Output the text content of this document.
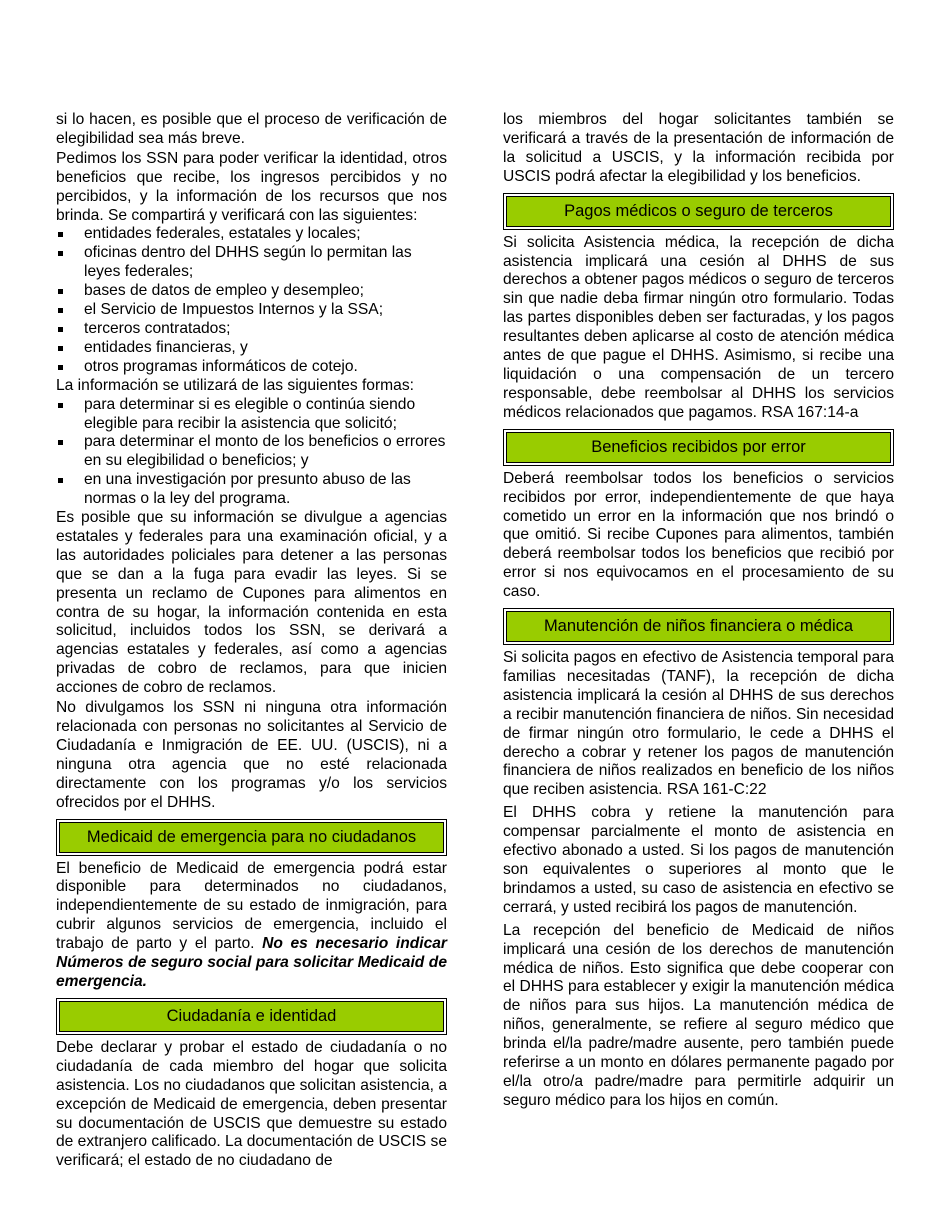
si lo hacen, es posible que el proceso de verificación de elegibilidad sea más breve.

Pedimos los SSN para poder verificar la identidad, otros beneficios que recibe, los ingresos percibidos y no percibidos, y la información de los recursos que nos brinda. Se compartirá y verificará con las siguientes:

entidades federales, estatales y locales;
oficinas dentro del DHHS según lo permitan las leyes federales;
bases de datos de empleo y desempleo;
el Servicio de Impuestos Internos y la SSA;
terceros contratados;
entidades financieras, y
otros programas informáticos de cotejo.

La información se utilizará de las siguientes formas:

para determinar si es elegible o continúa siendo elegible para recibir la asistencia que solicitó;
para determinar el monto de los beneficios o errores en su elegibilidad o beneficios; y
en una investigación por presunto abuso de las normas o la ley del programa.

Es posible que su información se divulgue a agencias estatales y federales para una examinación oficial, y a las autoridades policiales para detener a las personas que se dan a la fuga para evadir las leyes. Si se presenta un reclamo de Cupones para alimentos en contra de su hogar, la información contenida en esta solicitud, incluidos todos los SSN, se derivará a agencias estatales y federales, así como a agencias privadas de cobro de reclamos, para que inicien acciones de cobro de reclamos.

No divulgamos los SSN ni ninguna otra información relacionada con personas no solicitantes al Servicio de Ciudadanía e Inmigración de EE. UU. (USCIS), ni a ninguna otra agencia que no esté relacionada directamente con los programas y/o los servicios ofrecidos por el DHHS.

Medicaid de emergencia para no ciudadanos

El beneficio de Medicaid de emergencia podrá estar disponible para determinados no ciudadanos, independientemente de su estado de inmigración, para cubrir algunos servicios de emergencia, incluido el trabajo de parto y el parto. No es necesario indicar Números de seguro social para solicitar Medicaid de emergencia.

Ciudadanía e identidad

Debe declarar y probar el estado de ciudadanía o no ciudadanía de cada miembro del hogar que solicita asistencia. Los no ciudadanos que solicitan asistencia, a excepción de Medicaid de emergencia, deben presentar su documentación de USCIS que demuestre su estado de extranjero calificado. La documentación de USCIS se verificará; el estado de no ciudadano de

los miembros del hogar solicitantes también se verificará a través de la presentación de información de la solicitud a USCIS, y la información recibida por USCIS podrá afectar la elegibilidad y los beneficios.

Pagos médicos o seguro de terceros

Si solicita Asistencia médica, la recepción de dicha asistencia implicará una cesión al DHHS de sus derechos a obtener pagos médicos o seguro de terceros sin que nadie deba firmar ningún otro formulario. Todas las partes disponibles deben ser facturadas, y los pagos resultantes deben aplicarse al costo de atención médica antes de que pague el DHHS. Asimismo, si recibe una liquidación o una compensación de un tercero responsable, debe reembolsar al DHHS los servicios médicos relacionados que pagamos. RSA 167:14-a

Beneficios recibidos por error

Deberá reembolsar todos los beneficios o servicios recibidos por error, independientemente de que haya cometido un error en la información que nos brindó o que omitió. Si recibe Cupones para alimentos, también deberá reembolsar todos los beneficios que recibió por error si nos equivocamos en el procesamiento de su caso.

Manutención de niños financiera o médica

Si solicita pagos en efectivo de Asistencia temporal para familias necesitadas (TANF), la recepción de dicha asistencia implicará la cesión al DHHS de sus derechos a recibir manutención financiera de niños. Sin necesidad de firmar ningún otro formulario, le cede a DHHS el derecho a cobrar y retener los pagos de manutención financiera de niños realizados en beneficio de los niños que reciben asistencia. RSA 161-C:22

El DHHS cobra y retiene la manutención para compensar parcialmente el monto de asistencia en efectivo abonado a usted. Si los pagos de manutención son equivalentes o superiores al monto que le brindamos a usted, su caso de asistencia en efectivo se cerrará, y usted recibirá los pagos de manutención.

La recepción del beneficio de Medicaid de niños implicará una cesión de los derechos de manutención médica de niños. Esto significa que debe cooperar con el DHHS para establecer y exigir la manutención médica de niños para sus hijos. La manutención médica de niños, generalmente, se refiere al seguro médico que brinda el/la padre/madre ausente, pero también puede referirse a un monto en dólares permanente pagado por el/la otro/a padre/madre para permitirle adquirir un seguro médico para los hijos en común.
